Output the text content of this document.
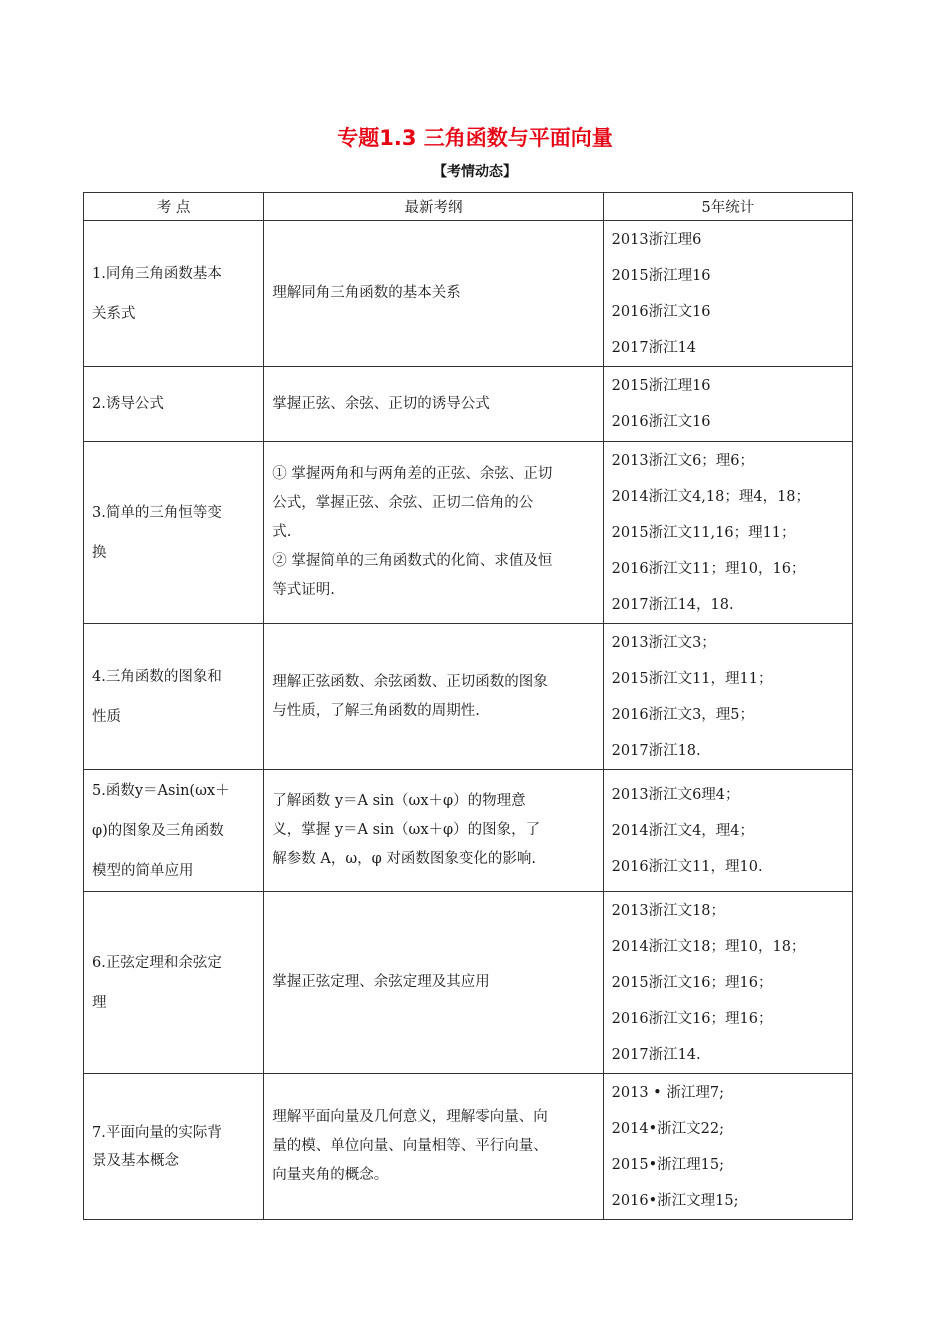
专题1.3 三角函数与平面向量
【考情动态】
考 点	最新考纲	5年统计

1.同角三角函数基本
关系式	理解同角三角函数的基本关系	2013浙江理6
2015浙江理16
2016浙江文16
2017浙江14

2.诱导公式	掌握正弦、余弦、正切的诱导公式	2015浙江理16
2016浙江文16

3.简单的三角恒等变
换	① 掌握两角和与两角差的正弦、余弦、正切
公式，掌握正弦、余弦、正切二倍角的公
式.
② 掌握简单的三角函数式的化简、求值及恒
等式证明.	2013浙江文6；理6；
2014浙江文4,18；理4，18；
2015浙江文11,16；理11；
2016浙江文11；理10，16；
2017浙江14，18.

4.三角函数的图象和
性质	理解正弦函数、余弦函数、正切函数的图象
与性质，了解三角函数的周期性.	2013浙江文3；
2015浙江文11，理11；
2016浙江文3，理5；
2017浙江18.

5.函数y＝Asin(ωx＋
φ)的图象及三角函数
模型的简单应用	了解函数 y＝A sin（ωx＋φ）的物理意
义，掌握 y＝A sin（ωx＋φ）的图象，了
解参数 A，ω，φ 对函数图象变化的影响.	2013浙江文6理4；
2014浙江文4，理4；
2016浙江文11，理10.

6.正弦定理和余弦定
理	掌握正弦定理、余弦定理及其应用	2013浙江文18；
2014浙江文18；理10，18；
2015浙江文16；理16；
2016浙江文16；理16；
2017浙江14.

7.平面向量的实际背
景及基本概念	理解平面向量及几何意义，理解零向量、向
量的模、单位向量、向量相等、平行向量、
向量夹角的概念。	2013 • 浙江理7;
2014•浙江文22;
2015•浙江理15;
2016•浙江文理15;
